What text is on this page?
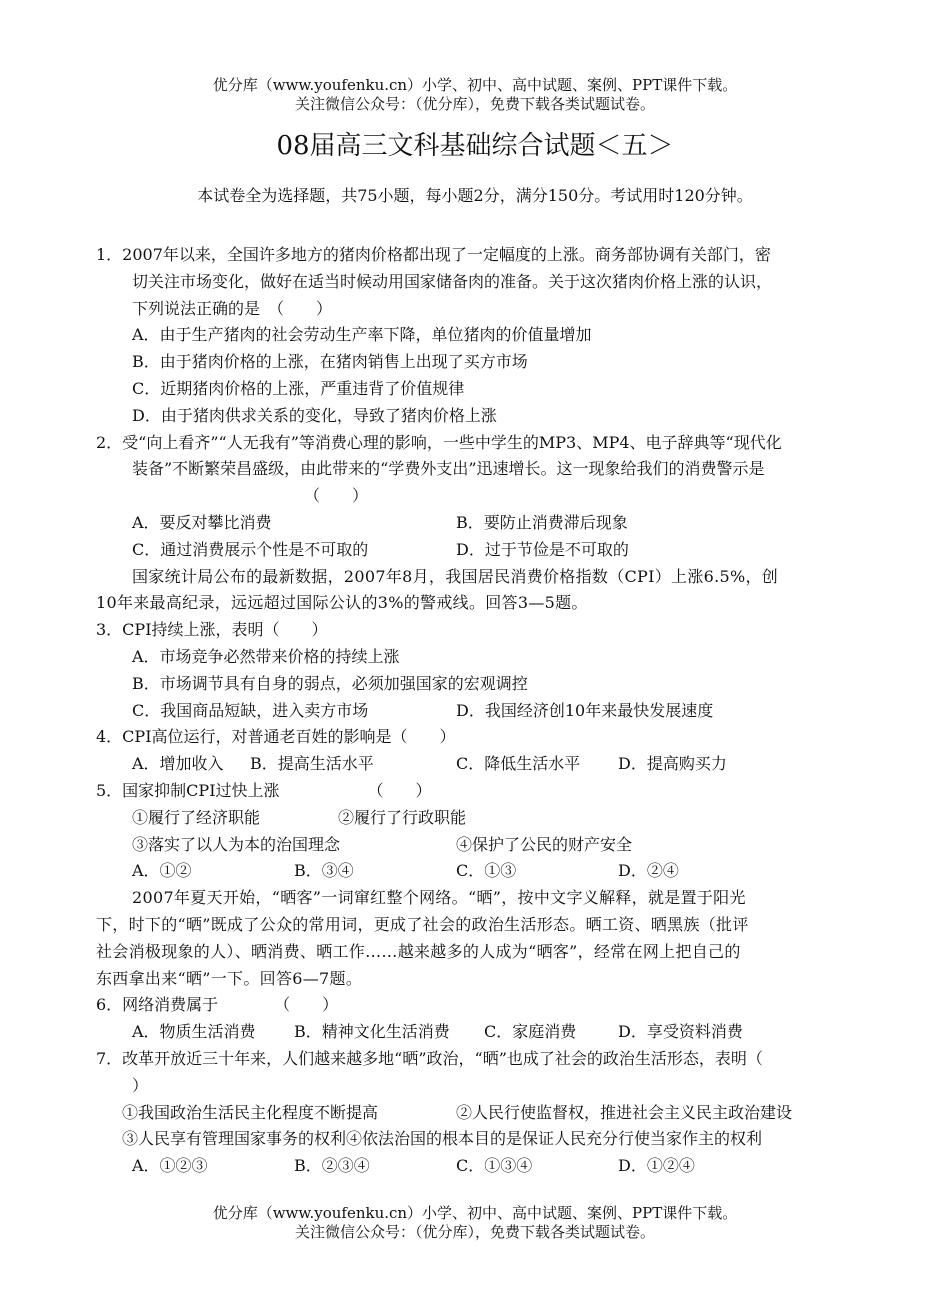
优分库（www.youfenku.cn）小学、初中、高中试题、案例、PPT课件下载。
关注微信公众号：（优分库），免费下载各类试题试卷。
08届高三文科基础综合试题＜五＞
本试卷全为选择题，共75小题，每小题2分，满分150分。考试用时120分钟。
1．2007年以来，全国许多地方的猪肉价格都出现了一定幅度的上涨。商务部协调有关部门，密
切关注市场变化，做好在适当时候动用国家储备肉的准备。关于这次猪肉价格上涨的认识，
下列说法正确的是　（　　）
A．由于生产猪肉的社会劳动生产率下降，单位猪肉的价值量增加
B．由于猪肉价格的上涨，在猪肉销售上出现了买方市场
C．近期猪肉价格的上涨，严重违背了价值规律
D．由于猪肉供求关系的变化，导致了猪肉价格上涨
2．受“向上看齐”“人无我有”等消费心理的影响，一些中学生的MP3、MP4、电子辞典等“现代化
装备”不断繁荣昌盛级，由此带来的“学费外支出”迅速增长。这一现象给我们的消费警示是
（　　）
A．要反对攀比消费	B．要防止消费滞后现象
C．通过消费展示个性是不可取的	D．过于节俭是不可取的
国家统计局公布的最新数据，2007年8月，我国居民消费价格指数（CPI）上涨6.5%，创
10年来最高纪录，远远超过国际公认的3%的警戒线。回答3—5题。
3．CPI持续上涨，表明（　　）
A．市场竞争必然带来价格的持续上涨
B．市场调节具有自身的弱点，必须加强国家的宏观调控
C．我国商品短缺，进入卖方市场	D．我国经济创10年来最快发展速度
4．CPI高位运行，对普通老百姓的影响是（　　）
A．增加收入	B．提高生活水平	C．降低生活水平	D．提高购买力
5．国家抑制CPI过快上涨　　　　　　（　　）
①履行了经济职能	②履行了行政职能
③落实了以人为本的治国理念	④保护了公民的财产安全
A．①②	B．③④	C．①③	D．②④
2007年夏天开始，“晒客”一词窜红整个网络。“晒”，按中文字义解释，就是置于阳光
下，时下的“晒”既成了公众的常用词，更成了社会的政治生活形态。晒工资、晒黑族（批评
社会消极现象的人）、晒消费、晒工作……越来越多的人成为“晒客”，经常在网上把自己的
东西拿出来“晒”一下。回答6—7题。
6．网络消费属于　　　　（　　）
A．物质生活消费	B．精神文化生活消费	C．家庭消费	D．享受资料消费
7．改革开放近三十年来，人们越来越多地“晒”政治，“晒”也成了社会的政治生活形态，表明（
）
①我国政治生活民主化程度不断提高	②人民行使监督权，推进社会主义民主政治建设
③人民享有管理国家事务的权利④依法治国的根本目的是保证人民充分行使当家作主的权利
A．①②③	B．②③④	C．①③④	D．①②④
优分库（www.youfenku.cn）小学、初中、高中试题、案例、PPT课件下载。
关注微信公众号：（优分库），免费下载各类试题试卷。
